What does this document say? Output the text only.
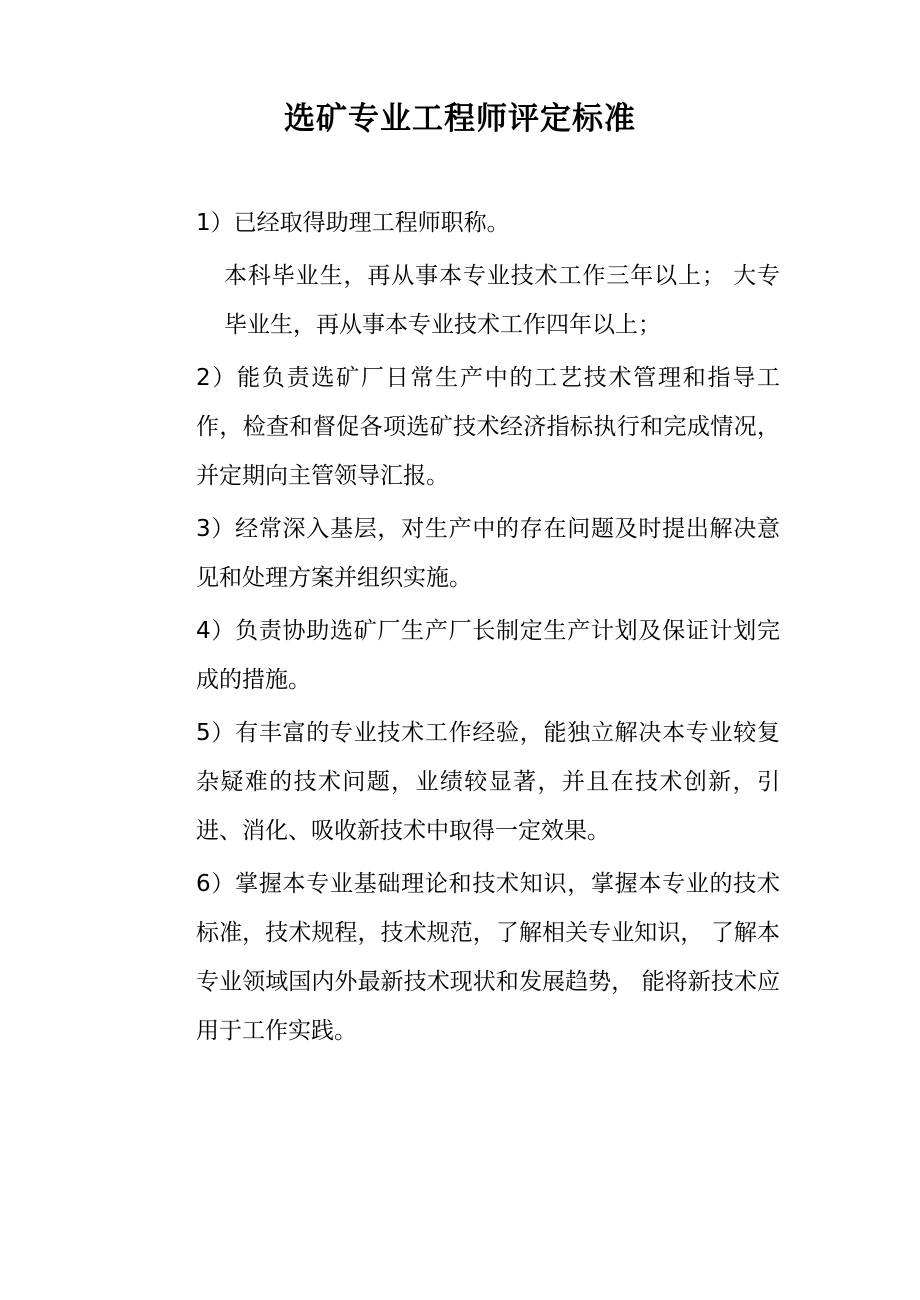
选矿专业工程师评定标准

1）已经取得助理工程师职称。

本科毕业生，再从事本专业技术工作三年以上； 大专毕业生，再从事本专业技术工作四年以上；

2）能负责选矿厂日常生产中的工艺技术管理和指导工作，检查和督促各项选矿技术经济指标执行和完成情况，并定期向主管领导汇报。

3）经常深入基层，对生产中的存在问题及时提出解决意见和处理方案并组织实施。

4）负责协助选矿厂生产厂长制定生产计划及保证计划完成的措施。

5）有丰富的专业技术工作经验，能独立解决本专业较复杂疑难的技术问题，业绩较显著，并且在技术创新，引进、消化、吸收新技术中取得一定效果。

6）掌握本专业基础理论和技术知识，掌握本专业的技术标准，技术规程，技术规范，了解相关专业知识， 了解本专业领域国内外最新技术现状和发展趋势， 能将新技术应用于工作实践。
